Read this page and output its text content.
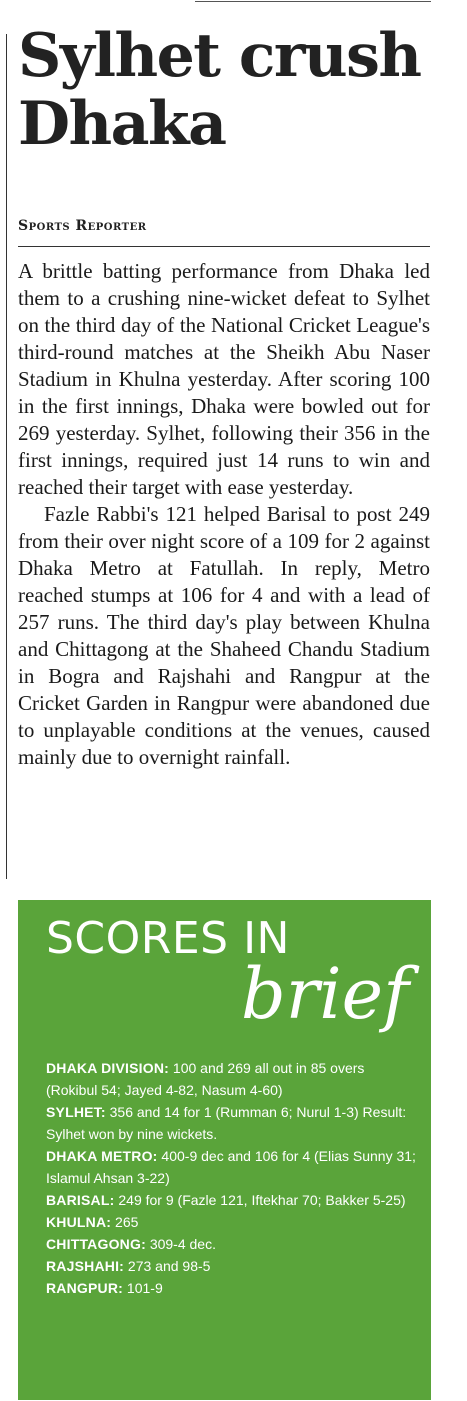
Sylhet crush Dhaka
Sports Reporter

A brittle batting performance from Dhaka led them to a crushing nine-wicket defeat to Sylhet on the third day of the National Cricket League's third-round matches at the Sheikh Abu Naser Stadium in Khulna yesterday. After scoring 100 in the first innings, Dhaka were bowled out for 269 yesterday. Sylhet, following their 356 in the first innings, required just 14 runs to win and reached their target with ease yesterday.

Fazle Rabbi's 121 helped Barisal to post 249 from their over night score of a 109 for 2 against Dhaka Metro at Fatullah. In reply, Metro reached stumps at 106 for 4 and with a lead of 257 runs. The third day's play between Khulna and Chittagong at the Shaheed Chandu Stadium in Bogra and Rajshahi and Rangpur at the Cricket Garden in Rangpur were abandoned due to unplayable conditions at the venues, caused mainly due to overnight rainfall.

SCORES IN
brief

DHAKA DIVISION: 100 and 269 all out in 85 overs (Rokibul 54; Jayed 4-82, Nasum 4-60)

SYLHET: 356 and 14 for 1 (Rumman 6; Nurul 1-3) Result: Sylhet won by nine wickets.

DHAKA METRO: 400-9 dec and 106 for 4 (Elias Sunny 31; Islamul Ahsan 3-22)

BARISAL: 249 for 9 (Fazle 121, Iftekhar 70; Bakker 5-25)

KHULNA: 265

CHITTAGONG: 309-4 dec.

RAJSHAHI: 273 and 98-5

RANGPUR: 101-9
